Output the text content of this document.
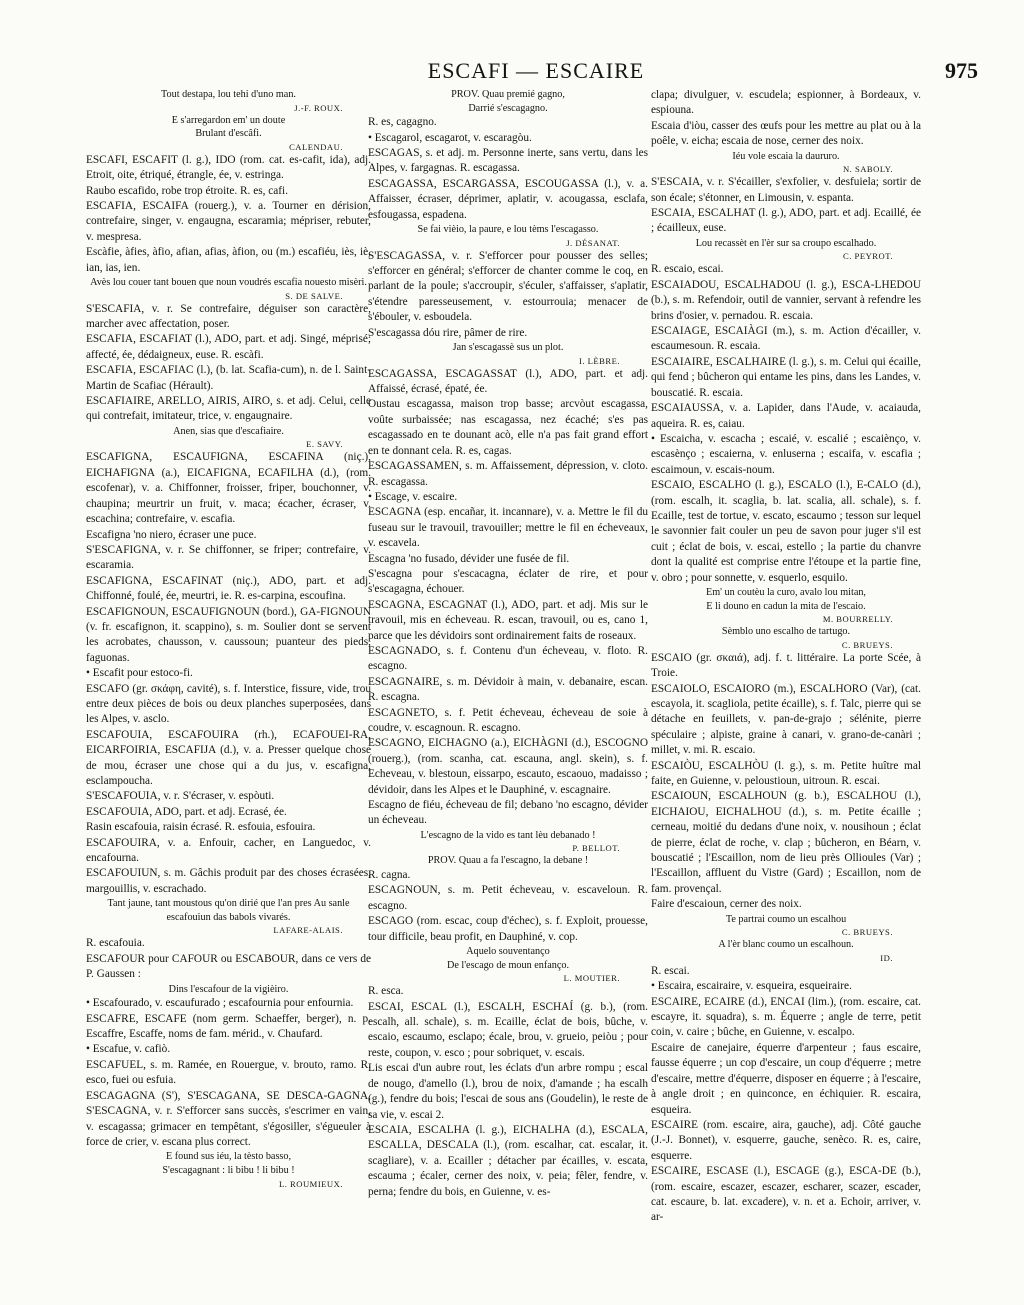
ESCAFI — ESCAIRE	975

Tout destapa, lou tehi d'uno man.

J.-F. ROUX.

E s'arregardon em' un doute

Brulant d'escâfi.

CALENDAU.

ESCAFI, ESCAFIT (l. g.), IDO (rom. cat. es-cafit, ida), adj. Etroit, oite, étriqué, étrangle, ée, v. estringa.

Raubo escafido, robe trop étroite. R. es, cafi.

ESCAFIA, ESCAIFA (rouerg.), v. a. Tourner en dérision, contrefaire, singer, v. engaugna, escaramia; mépriser, rebuter, v. mespresa.

Escàfie, àfies, àfio, afian, afias, àfion, ou (m.) escafiéu, iès, iè, ian, ias, ien.

Avès lou couer tant bouen que noun voudrés escafia nouesto misèri.

S. DE SALVE.

S'ESCAFIA, v. r. Se contrefaire, déguiser son caractère, marcher avec affectation, poser.

ESCAFIA, ESCAFIAT (l.), ADO, part. et adj. Singé, méprisé; affecté, ée, dédaigneux, euse. R. escàfi.

ESCAFIA, ESCAFIAC (l.), (b. lat. Scafia-cum), n. de l. Saint-Martin de Scafiac (Hérault).

ESCAFIAIRE, ARELLO, AIRIS, AIRO, s. et adj. Celui, celle qui contrefait, imitateur, trice, v. engaugnaire.

Anen, sias que d'escafiaire.

E. SAVY.

ESCAFIGNA, ESCAUFIGNA, ESCAFINA (niç.), EICHAFIGNA (a.), EICAFIGNA, ECAFILHA (d.), (rom. escofenar), v. a. Chiffonner, froisser, friper, bouchonner, v. chaupina; meurtrir un fruit, v. maca; écacher, écraser, v. escachina; contrefaire, v. escafia.

Escafigna 'no niero, écraser une puce.

S'ESCAFIGNA, v. r. Se chiffonner, se friper; contrefaire, v. escaramia.

ESCAFIGNA, ESCAFINAT (niç.), ADO, part. et adj. Chiffonné, foulé, ée, meurtri, ie. R. es-carpina, escoufina.

ESCAFIGNOUN, ESCAUFIGNOUN (bord.), GA-FIGNOUN (v. fr. escafignon, it. scappino), s. m. Soulier dont se servent les acrobates, chausson, v. caussoun; puanteur des pieds, faguonas.

• Escafit pour estoco-fi.

ESCAFO (gr. σκάφη, cavité), s. f. Interstice, fissure, vide, trou entre deux pièces de bois ou deux planches superposées, dans les Alpes, v. asclo.

ESCAFOUIA, ESCAFOUIRA (rh.), ECAFOUEI-RA, EICARFOIRIA, ESCAFIJA (d.), v. a. Presser quelque chose de mou, écraser une chose qui a du jus, v. escafigna, esclampoucha.

S'ESCAFOUIA, v. r. S'écraser, v. espòuti.

ESCAFOUIA, ADO, part. et adj. Ecrasé, ée.

Rasin escafouia, raisin écrasé. R. esfouia, esfouira.

ESCAFOUIRA, v. a. Enfouir, cacher, en Languedoc, v. encafourna.

ESCAFOUIUN, s. m. Gâchis produit par des choses écrasées, margouillis, v. escrachado.

Tant jaune, tant moustous qu'on dirié que l'an pres Au sanle escafouiun das babols vivarés.

LAFARE-ALAIS.

R. escafouia.

ESCAFOUR pour CAFOUR ou ESCABOUR, dans ce vers de P. Gaussen :

Dins l'escafour de la vigièiro.

• Escafourado, v. escaufurado ; escafournia pour enfournia.

ESCAFRE, ESCAFE (nom germ. Schaeffer, berger), n. p. Escaffre, Escaffe, noms de fam. mérid., v. Chaufard.

• Escafue, v. cafiò.

ESCAFUEL, s. m. Ramée, en Rouergue, v. brouto, ramo. R. esco, fuei ou esfuia.

ESCAGAGNA (S'), S'ESCAGANA, SE DESCA-GAGNA, S'ESCAGNA, v. r. S'efforcer sans succès, s'escrimer en vain, v. escagassa; grimacer en tempêtant, s'égosiller, s'égueuler à force de crier, v. escana plus correct.

E found sus iéu, la tèsto basso,

S'escagagnant : li bibu ! li bibu !

L. ROUMIEUX.

PROV. Quau premié gagno,

Darrié s'escagagno.

R. es, cagagno.

• Escagarol, escagarot, v. escaragòu.

ESCAGAS, s. et adj. m. Personne inerte, sans vertu, dans les Alpes, v. fargagnas. R. escagassa.

ESCAGASSA, ESCARGASSA, ESCOUGASSA (l.), v. a. Affaisser, écraser, déprimer, aplatir, v. acougassa, esclafa, esfougassa, espadena.

Se fai vièio, la paure, e lou tèms l'escagasso.

J. DÉSANAT.

S'ESCAGASSA, v. r. S'efforcer pour pousser des selles; s'efforcer en général; s'efforcer de chanter comme le coq, en parlant de la poule; s'accroupir, s'éculer, s'affaisser, s'aplatir, s'étendre paresseusement, v. estourrouia; menacer de s'ébouler, v. esboudela.

S'escagassa dóu rire, pâmer de rire.

Jan s'escagassè sus un plot.

I. LÈBRE.

ESCAGASSA, ESCAGASSAT (l.), ADO, part. et adj. Affaissé, écrasé, épaté, ée.

Oustau escagassa, maison trop basse; arcvòut escagassa, voûte surbaissée; nas escagassa, nez écaché; s'es pas escagassado en te dounant acò, elle n'a pas fait grand effort en te donnant cela. R. es, cagas.

ESCAGASSAMEN, s. m. Affaissement, dépression, v. cloto. R. escagassa.

• Escage, v. escaire.

ESCAGNA (esp. encañar, it. incannare), v. a. Mettre le fil du fuseau sur le travouil, travouiller; mettre le fil en écheveaux, v. escavela.

Escagna 'no fusado, dévider une fusée de fil.

S'escagna pour s'escacagna, éclater de rire, et pour s'escagagna, échouer.

ESCAGNA, ESCAGNAT (l.), ADO, part. et adj. Mis sur le travouil, mis en écheveau. R. escan, travouil, ou es, cano 1, parce que les dévidoirs sont ordinairement faits de roseaux.

ESCAGNADO, s. f. Contenu d'un écheveau, v. floto. R. escagno.

ESCAGNAIRE, s. m. Dévidoir à main, v. debanaire, escan. R. escagna.

ESCAGNETO, s. f. Petit écheveau, écheveau de soie à coudre, v. escagnoun. R. escagno.

ESCAGNO, EICHAGNO (a.), EICHÀGNI (d.), ESCOGNO (rouerg.), (rom. scanha, cat. escauna, angl. skein), s. f. Echeveau, v. blestoun, eissarpo, escauto, escaouo, madaisso ; dévidoir, dans les Alpes et le Dauphiné, v. escagnaire.

Escagno de fiéu, écheveau de fil; debano 'no escagno, dévider un écheveau.

L'escagno de la vido es tant lèu debanado !

P. BELLOT.

PROV. Quau a fa l'escagno, la debane !

R. cagna.

ESCAGNOUN, s. m. Petit écheveau, v. escaveloun. R. escagno.

ESCAGO (rom. escac, coup d'échec), s. f. Exploit, prouesse, tour difficile, beau profit, en Dauphiné, v. cop.

Aquelo souventanço

De l'escago de moun enfanço.

L. MOUTIER.

R. esca.

ESCAI, ESCAL (l.), ESCALH, ESCHAÍ (g. b.), (rom. escalh, all. schale), s. m. Ecaille, éclat de bois, bûche, v. escaio, escaumo, esclapo; écale, brou, v. grueio, peiòu ; pour reste, coupon, v. esco ; pour sobriquet, v. escais.

Lis escai d'un aubre rout, les éclats d'un arbre rompu ; escal de nougo, d'amello (l.), brou de noix, d'amande ; ha escalh (g.), fendre du bois; l'escai de sous ans (Goudelin), le reste de sa vie, v. escai 2.

ESCAIA, ESCALHA (l. g.), EICHALHA (d.), ESCALA, ESCALLA, DESCALA (l.), (rom. escalhar, cat. escalar, it. scagliare), v. a. Ecailler ; détacher par écailles, v. escata, escauma ; écaler, cerner des noix, v. peia; fêler, fendre, v. perna; fendre du bois, en Guienne, v. es-

clapa; divulguer, v. escudela; espionner, à Bordeaux, v. espiouna.

Escaia d'iòu, casser des œufs pour les mettre au plat ou à la poêle, v. eicha; escaia de nose, cerner des noix.

Iéu vole escaia la daururo.

N. SABOLY.

S'ESCAIA, v. r. S'écailler, s'exfolier, v. desfuiela; sortir de son écale; s'étonner, en Limousin, v. espanta.

ESCAIA, ESCALHAT (l. g.), ADO, part. et adj. Ecaillé, ée ; écailleux, euse.

Lou recassèt en l'èr sur sa croupo escalhado.

C. PEYROT.

R. escaio, escai.

ESCAIADOU, ESCALHADOU (l. g.), ESCA-LHEDOU (b.), s. m. Refendoir, outil de vannier, servant à refendre les brins d'osier, v. pernadou. R. escaia.

ESCAIAGE, ESCAIÀGI (m.), s. m. Action d'écailler, v. escaumesoun. R. escaia.

ESCAIAIRE, ESCALHAIRE (l. g.), s. m. Celui qui écaille, qui fend ; bûcheron qui entame les pins, dans les Landes, v. bouscatié. R. escaia.

ESCAIAUSSA, v. a. Lapider, dans l'Aude, v. acaiauda, aqueira. R. es, caiau.

• Escaicha, v. escacha ; escaié, v. escalié ; escaiènço, v. escasènço ; escaierna, v. enluserna ; escaifa, v. escafia ; escaimoun, v. escais-noum.

ESCAIO, ESCALHO (l. g.), ESCALO (l.), E-CALO (d.), (rom. escalh, it. scaglia, b. lat. scalia, all. schale), s. f. Ecaille, test de tortue, v. escato, escaumo ; tesson sur lequel le savonnier fait couler un peu de savon pour juger s'il est cuit ; éclat de bois, v. escai, estello ; la partie du chanvre dont la qualité est comprise entre l'étoupe et la partie fine, v. obro ; pour sonnette, v. esquerlo, esquilo.

Em' un coutèu la curo, avalo lou mitan,

E li douno en cadun la mita de l'escaio.

M. BOURRELLY.

Sèmblo uno escalho de tartugo.

C. BRUEYS.

ESCAIO (gr. σκαιά), adj. f. t. littéraire. La porte Scée, à Troie.

ESCAIOLO, ESCAIORO (m.), ESCALHORO (Var), (cat. escayola, it. scagliola, petite écaille), s. f. Talc, pierre qui se détache en feuillets, v. pan-de-grajo ; sélénite, pierre spéculaire ; alpiste, graine à canari, v. grano-de-canàri ; millet, v. mi. R. escaio.

ESCAIÒU, ESCALHÒU (l. g.), s. m. Petite huître mal faite, en Guienne, v. peloustioun, uitroun. R. escai.

ESCAIOUN, ESCALHOUN (g. b.), ESCALHOU (l.), EICHAIOU, EICHALHOU (d.), s. m. Petite écaille ; cerneau, moitié du dedans d'une noix, v. nousihoun ; éclat de pierre, éclat de roche, v. clap ; bûcheron, en Béarn, v. bouscatié ; l'Escaillon, nom de lieu près Ollioules (Var) ; l'Escaillon, affluent du Vistre (Gard) ; Escaillon, nom de fam. provençal.

Faire d'escaioun, cerner des noix.

Te partrai coumo un escalhou

C. BRUEYS.

A l'èr blanc coumo un escalhoun.

ID.

R. escai.

• Escaira, escairaire, v. esqueira, esqueiraire.

ESCAIRE, ECAIRE (d.), ENCAI (lim.), (rom. escaire, cat. escayre, it. squadra), s. m. Équerre ; angle de terre, petit coin, v. caire ; bûche, en Guienne, v. escalpo.

Escaire de canejaire, équerre d'arpenteur ; faus escaire, fausse équerre ; un cop d'escaire, un coup d'équerre ; metre d'escaire, mettre d'équerre, disposer en équerre ; à l'escaire, à angle droit ; en quinconce, en échiquier. R. escaira, esqueira.

ESCAIRE (rom. escaire, aira, gauche), adj. Côté gauche (J.-J. Bonnet), v. esquerre, gauche, senèco. R. es, caire, esquerre.

ESCAIRE, ESCASE (l.), ESCAGE (g.), ESCA-DE (b.), (rom. escaire, escazer, escazer, escharer, scazer, escader, cat. escaure, b. lat. excadere), v. n. et a. Echoir, arriver, v. ar-
